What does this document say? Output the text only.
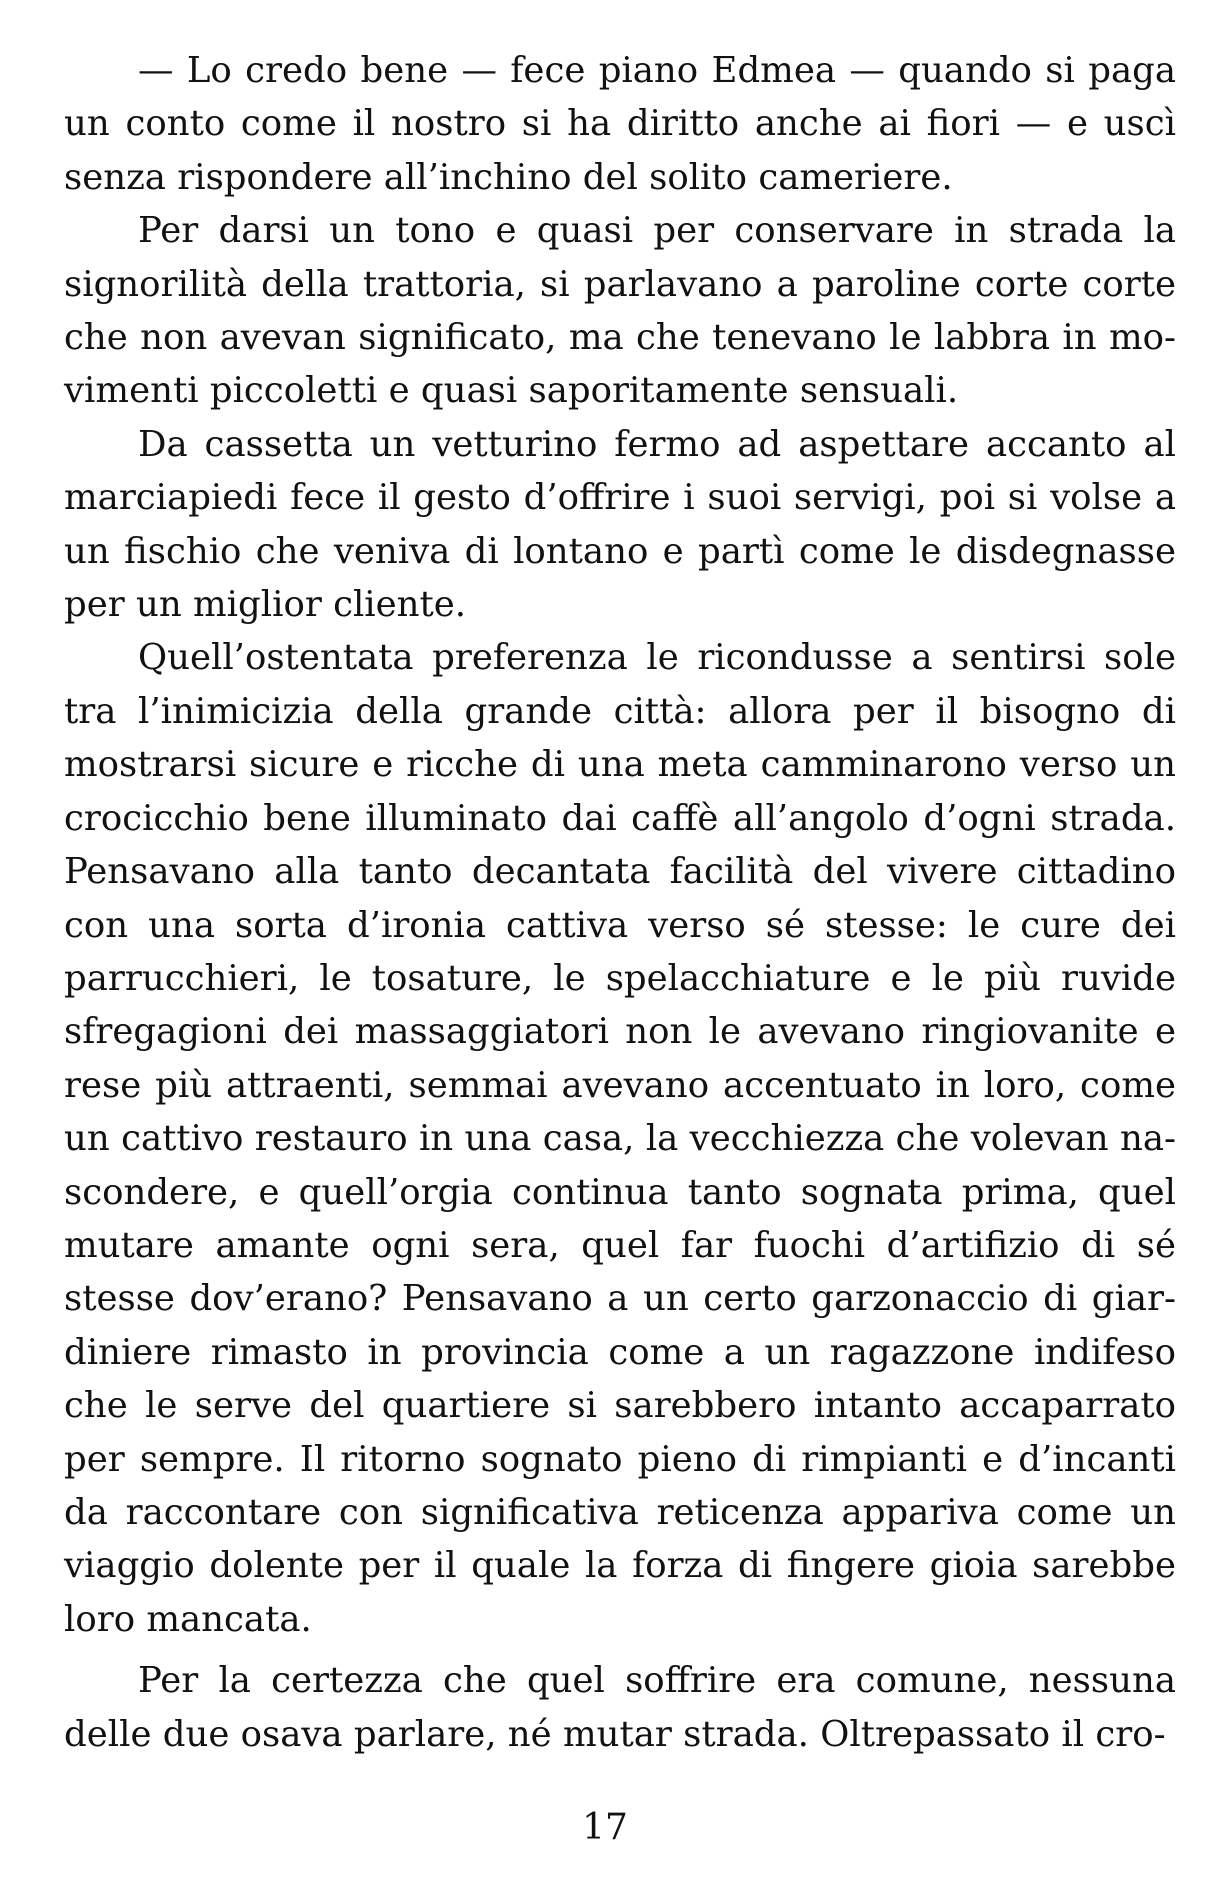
— Lo credo bene — fece piano Edmea — quando si paga un conto come il nostro si ha diritto anche ai fiori — e uscì senza rispondere all’inchino del solito cameriere.

Per darsi un tono e quasi per conservare in strada la signorilità della trattoria, si parlavano a paroline corte corte che non avevan significato, ma che tenevano le labbra in movimenti piccoletti e quasi saporitamente sensuali.

Da cassetta un vetturino fermo ad aspettare accanto al marciapiedi fece il gesto d’offrire i suoi servigi, poi si volse a un fischio che veniva di lontano e partì come le disdegnasse per un miglior cliente.

Quell’ostentata preferenza le ricondusse a sentirsi sole tra l’inimicizia della grande città: allora per il bisogno di mostrarsi sicure e ricche di una meta camminarono verso un crocicchio bene illuminato dai caffè all’angolo d’ogni strada. Pensavano alla tanto decantata facilità del vivere cittadino con una sorta d’ironia cattiva verso sé stesse: le cure dei parrucchieri, le tosature, le spelacchiature e le più ruvide sfregagioni dei massaggiatori non le avevano ringiovanite e rese più attraenti, semmai avevano accentuato in loro, come un cattivo restauro in una casa, la vecchiezza che volevan nascondere, e quell’orgia continua tanto sognata prima, quel mutare amante ogni sera, quel far fuochi d’artifizio di sé stesse dov’erano? Pensavano a un certo garzonaccio di giardiniere rimasto in provincia come a un ragazzone indifeso che le serve del quartiere si sarebbero intanto accaparrato per sempre. Il ritorno sognato pieno di rimpianti e d’incanti da raccontare con significativa reticenza appariva come un viaggio dolente per il quale la forza di fingere gioia sarebbe loro mancata.

Per la certezza che quel soffrire era comune, nessuna delle due osava parlare, né mutar strada. Oltrepassato il cro-

17
